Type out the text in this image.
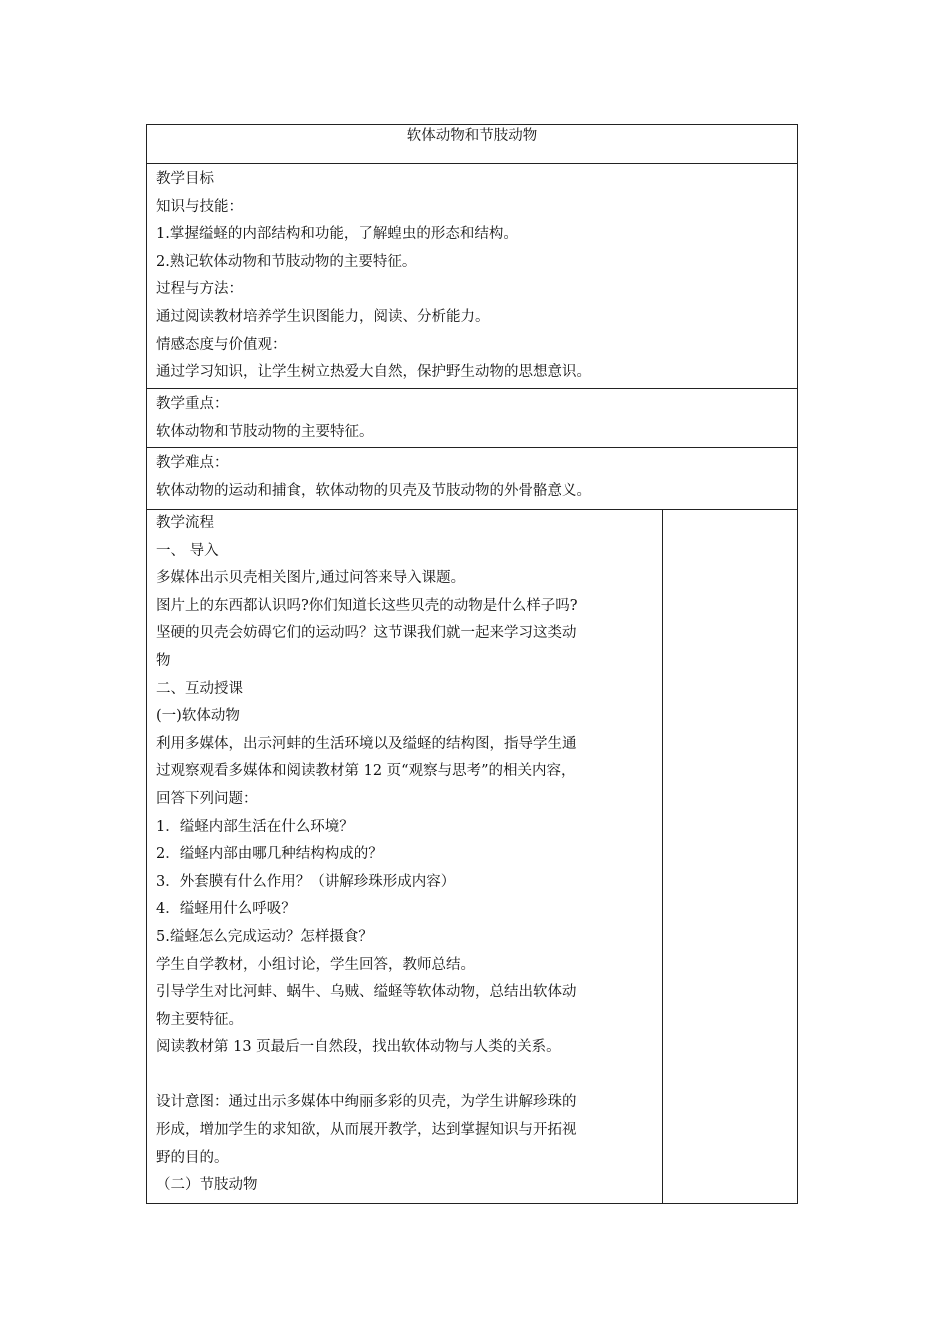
软体动物和节肢动物
教学目标
知识与技能：
1.掌握缢蛏的内部结构和功能，了解蝗虫的形态和结构。
2.熟记软体动物和节肢动物的主要特征。
过程与方法：
通过阅读教材培养学生识图能力，阅读、分析能力。
情感态度与价值观：
通过学习知识，让学生树立热爱大自然，保护野生动物的思想意识。
教学重点：
软体动物和节肢动物的主要特征。
教学难点：
软体动物的运动和捕食，软体动物的贝壳及节肢动物的外骨骼意义。
教学流程
一、 导入
多媒体出示贝壳相关图片,通过问答来导入课题。
图片上的东西都认识吗?你们知道长这些贝壳的动物是什么样子吗?
坚硬的贝壳会妨碍它们的运动吗？这节课我们就一起来学习这类动
物
二、互动授课
(一)软体动物
利用多媒体，出示河蚌的生活环境以及缢蛏的结构图，指导学生通
过观察观看多媒体和阅读教材第 12 页“观察与思考”的相关内容，
回答下列问题：
1．缢蛏内部生活在什么环境？
2．缢蛏内部由哪几种结构构成的？
3．外套膜有什么作用？（讲解珍珠形成内容）
4．缢蛏用什么呼吸？
5.缢蛏怎么完成运动？怎样摄食？
学生自学教材，小组讨论，学生回答，教师总结。
引导学生对比河蚌、蜗牛、乌贼、缢蛏等软体动物，总结出软体动
物主要特征。
阅读教材第 13 页最后一自然段，找出软体动物与人类的关系。
设计意图：通过出示多媒体中绚丽多彩的贝壳，为学生讲解珍珠的
形成，增加学生的求知欲，从而展开教学，达到掌握知识与开拓视
野的目的。
（二）节肢动物
